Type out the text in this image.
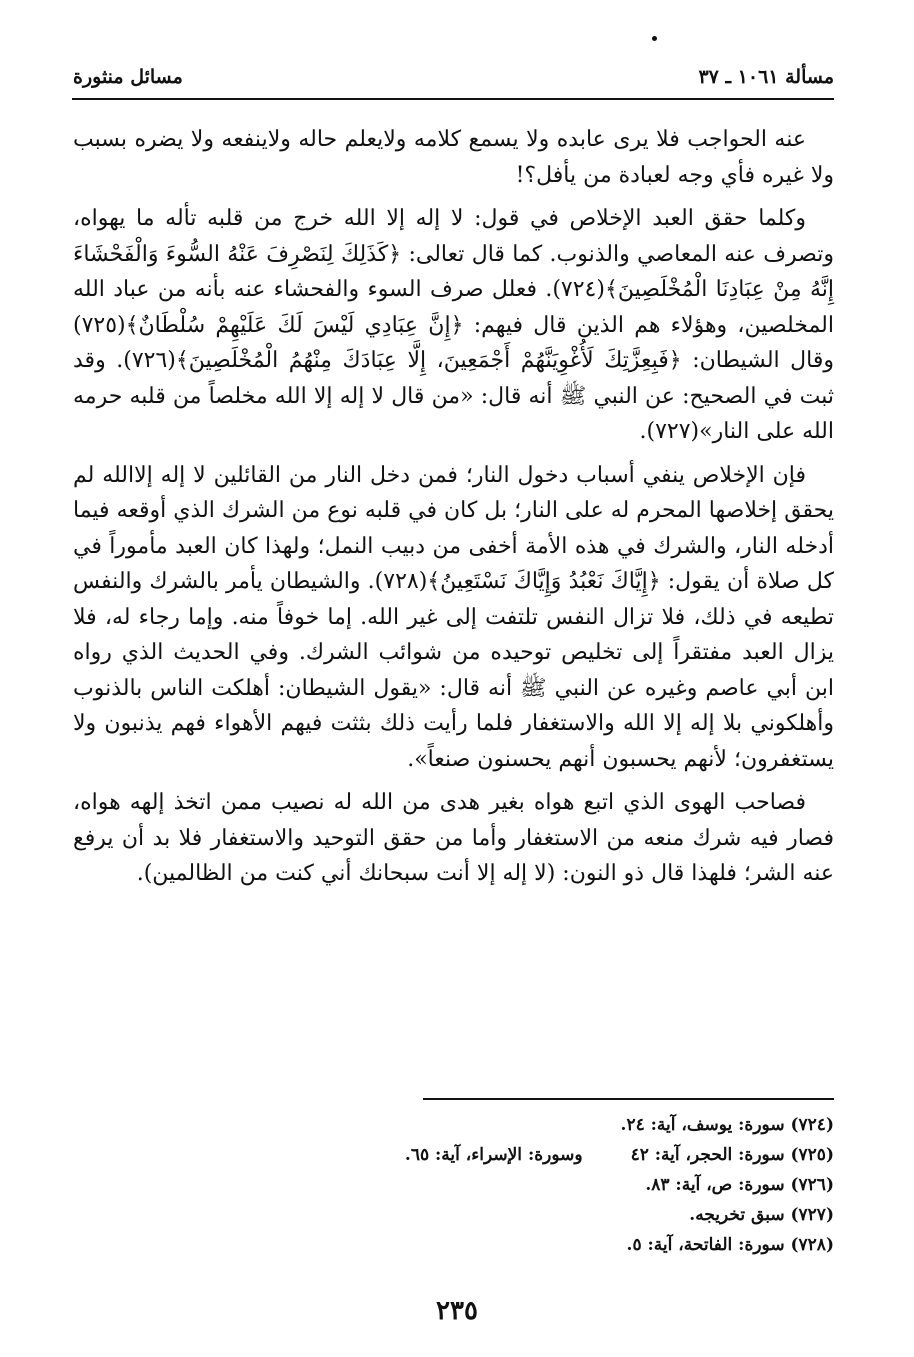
مسألة ١٠٦١ ـ ٣٧
مسائل منثورة

عنه الحواجب فلا يرى عابده ولا يسمع كلامه ولايعلم حاله ولاينفعه ولا يضره بسبب ولا غيره فأي وجه لعبادة من يأفل؟!

وكلما حقق العبد الإخلاص في قول: لا إله إلا الله خرج من قلبه تأله ما يهواه، وتصرف عنه المعاصي والذنوب. كما قال تعالى: ﴿كَذَلِكَ لِنَصْرِفَ عَنْهُ السُّوءَ وَالْفَحْشَاءَ إِنَّهُ مِنْ عِبَادِنَا الْمُخْلَصِينَ﴾(٧٢٤). فعلل صرف السوء والفحشاء عنه بأنه من عباد الله المخلصين، وهؤلاء هم الذين قال فيهم: ﴿إِنَّ عِبَادِي لَيْسَ لَكَ عَلَيْهِمْ سُلْطَانٌ﴾(٧٢٥) وقال الشيطان: ﴿فَبِعِزَّتِكَ لَأُغْوِيَنَّهُمْ أَجْمَعِينَ، إِلَّا عِبَادَكَ مِنْهُمُ الْمُخْلَصِينَ﴾(٧٢٦). وقد ثبت في الصحيح: عن النبي ﷺ أنه قال: «من قال لا إله إلا الله مخلصاً من قلبه حرمه الله على النار»(٧٢٧).

فإن الإخلاص ينفي أسباب دخول النار؛ فمن دخل النار من القائلين لا إله إلاالله لم يحقق إخلاصها المحرم له على النار؛ بل كان في قلبه نوع من الشرك الذي أوقعه فيما أدخله النار، والشرك في هذه الأمة أخفى من دبيب النمل؛ ولهذا كان العبد مأموراً في كل صلاة أن يقول: ﴿إِيَّاكَ نَعْبُدُ وَإِيَّاكَ نَسْتَعِينُ﴾(٧٢٨). والشيطان يأمر بالشرك والنفس تطيعه في ذلك، فلا تزال النفس تلتفت إلى غير الله. إما خوفاً منه. وإما رجاء له، فلا يزال العبد مفتقراً إلى تخليص توحيده من شوائب الشرك. وفي الحديث الذي رواه ابن أبي عاصم وغيره عن النبي ﷺ أنه قال: «يقول الشيطان: أهلكت الناس بالذنوب وأهلكوني بلا إله إلا الله والاستغفار فلما رأيت ذلك بثثت فيهم الأهواء فهم يذنبون ولا يستغفرون؛ لأنهم يحسبون أنهم يحسنون صنعاً».

فصاحب الهوى الذي اتبع هواه بغير هدى من الله له نصيب ممن اتخذ إلهه هواه، فصار فيه شرك منعه من الاستغفار وأما من حقق التوحيد والاستغفار فلا بد أن يرفع عنه الشر؛ فلهذا قال ذو النون: (لا إله إلا أنت سبحانك أني كنت من الظالمين).

(٧٢٤) سورة: يوسف، آية: ٢٤.
(٧٢٥) سورة: الحجر، آية: ٤٢
وسورة: الإسراء، آية: ٦٥.
(٧٢٦) سورة: ص، آية: ٨٣.
(٧٢٧) سبق تخريجه.
(٧٢٨) سورة: الفاتحة، آية: ٥.
٢٣٥
